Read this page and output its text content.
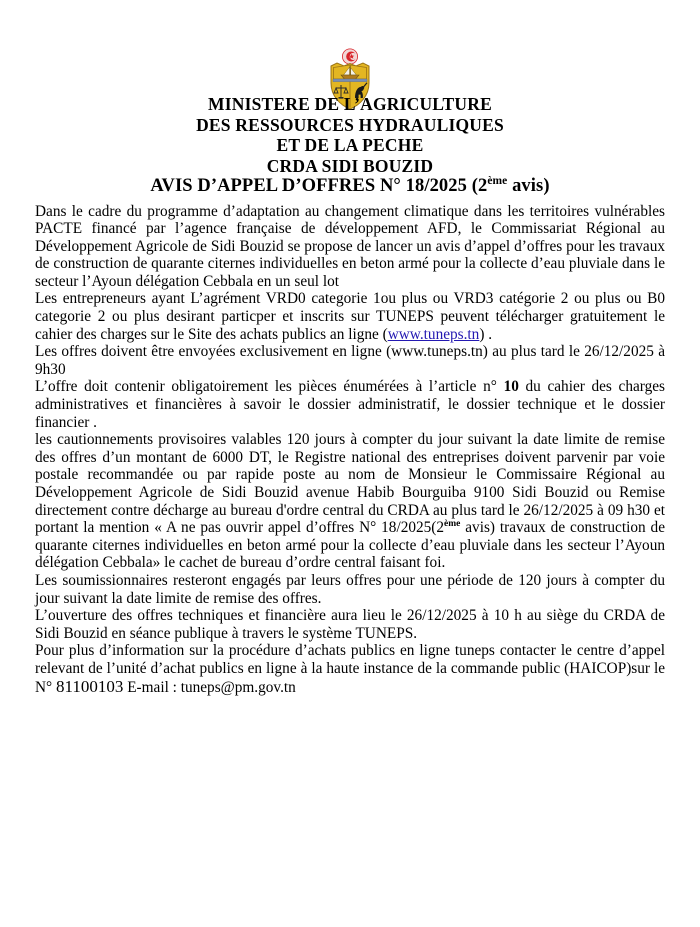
MINISTERE DE L’AGRICULTURE
DES RESSOURCES HYDRAULIQUES
ET DE LA PECHE
CRDA SIDI BOUZID
AVIS D’APPEL D’OFFRES N° 18/2025 (2ème avis)

Dans le cadre du programme d’adaptation au changement climatique dans les territoires vulnérables PACTE financé par l’agence française de développement AFD, le Commissariat Régional au Développement Agricole de Sidi Bouzid se propose de lancer un avis d’appel d’offres pour les travaux de construction de quarante citernes individuelles en beton armé pour la collecte d’eau pluviale dans le secteur l’Ayoun délégation Cebbala en un seul lot

Les entrepreneurs ayant L’agrément VRD0 categorie 1ou plus ou VRD3 catégorie 2 ou plus ou B0 categorie 2 ou plus desirant particper et inscrits sur TUNEPS peuvent télécharger gratuitement le cahier des charges sur le Site des achats publics an ligne (www.tuneps.tn) .

Les offres doivent être envoyées exclusivement en ligne (www.tuneps.tn) au plus tard le 26/12/2025 à 9h30

L’offre doit contenir obligatoirement les pièces énumérées à l’article n° 10 du cahier des charges administratives et financières à savoir le dossier administratif, le dossier technique et le dossier financier .

les cautionnements provisoires valables 120 jours à compter du jour suivant la date limite de remise des offres d’un montant de 6000 DT, le Registre national des entreprises doivent parvenir par voie postale recommandée ou par rapide poste au nom de Monsieur le Commissaire Régional au Développement Agricole de Sidi Bouzid avenue Habib Bourguiba 9100 Sidi Bouzid ou Remise directement contre décharge au bureau d'ordre central du CRDA au plus tard le 26/12/2025 à 09 h30 et portant la mention « A ne pas ouvrir appel d’offres N° 18/2025(2ème avis) travaux de construction de quarante citernes individuelles en beton armé pour la collecte d’eau pluviale dans les secteur l’Ayoun délégation Cebbala» le cachet de bureau d’ordre central faisant foi.

Les soumissionnaires resteront engagés par leurs offres pour une période de 120 jours à compter du jour suivant la date limite de remise des offres.

L’ouverture des offres techniques et financière aura lieu le 26/12/2025 à 10 h au siège du CRDA de Sidi Bouzid en séance publique à travers le système TUNEPS.

Pour plus d’information sur la procédure d’achats publics en ligne tuneps contacter le centre d’appel relevant de l’unité d’achat publics en ligne à la haute instance de la commande public (HAICOP)sur le N° 81100103 E-mail : tuneps@pm.gov.tn
